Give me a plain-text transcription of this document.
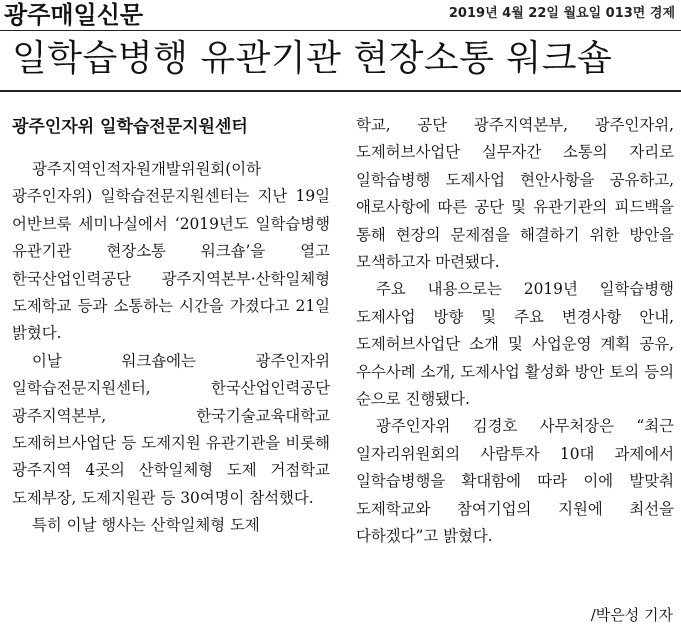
광주매일신문	2019년 4월 22일 월요일 013면 경제
일학습병행 유관기관 현장소통 워크숍
광주인자위 일학습전문지원센터

광주지역인적자원개발위원회(이하 광주인자위) 일학습전문지원센터는 지난 19일 어반브룩 세미나실에서 ‘2019년도 일학습병행 유관기관 현장소통 워크숍’을 열고 한국산업인력공단 광주지역본부·산학일체형 도제학교 등과 소통하는 시간을 가졌다고 21일 밝혔다.

이날 워크숍에는 광주인자위 일학습전문지원센터, 한국산업인력공단 광주지역본부, 한국기술교육대학교 도제허브사업단 등 도제지원 유관기관을 비롯해 광주지역 4곳의 산학일체형 도제 거점학교 도제부장, 도제지원관 등 30여명이 참석했다.

특히 이날 행사는 산학일체형 도제

학교, 공단 광주지역본부, 광주인자위, 도제허브사업단 실무자간 소통의 자리로 일학습병행 도제사업 현안사항을 공유하고, 애로사항에 따른 공단 및 유관기관의 피드백을 통해 현장의 문제점을 해결하기 위한 방안을 모색하고자 마련됐다.

주요 내용으로는 2019년 일학습병행 도제사업 방향 및 주요 변경사항 안내, 도제허브사업단 소개 및 사업운영 계획 공유, 우수사례 소개, 도제사업 활성화 방안 토의 등의 순으로 진행됐다.

광주인자위 김경호 사무처장은 “최근 일자리위원회의 사람투자 10대 과제에서 일학습병행을 확대함에 따라 이에 발맞춰 도제학교와 참여기업의 지원에 최선을 다하겠다”고 밝혔다.

/박은성 기자
